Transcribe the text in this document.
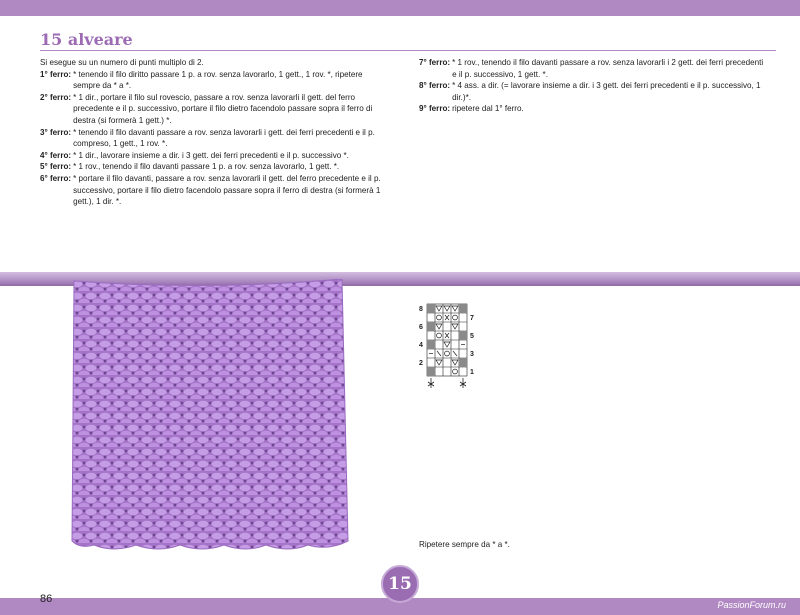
15 alveare
Si esegue su un numero di punti multiplo di 2.
1° ferro: * tenendo il filo diritto passare 1 p. a rov. senza lavorarlo, 1 gett., 1 rov. *, ripetere sempre da * a *.
2° ferro: * 1 dir., portare il filo sul rovescio, passare a rov. senza lavorarli il gett. del ferro precedente e il p. successivo, portare il filo dietro facendolo passare sopra il ferro di destra (si formerà 1 gett.) *.
3° ferro: * tenendo il filo davanti passare a rov. senza lavorarli i gett. dei ferri precedenti e il p. compreso, 1 gett., 1 rov. *.
4° ferro: * 1 dir., lavorare insieme a dir. i 3 gett. dei ferri precedenti e il p. successivo *.
5° ferro: * 1 rov., tenendo il filo davanti passare 1 p. a rov. senza lavorarlo, 1 gett. *.
6° ferro: * portare il filo davanti, passare a rov. senza lavorarli il gett. del ferro precedente e il p. successivo, portare il filo dietro facendolo passare sopra il ferro di destra (si formerà 1 gett.), 1 dir. *.
7° ferro: * 1 rov., tenendo il filo davanti passare a rov. senza lavorarli i 2 gett. dei ferri precedenti e il p. successivo, 1 gett. *.
8° ferro: * 4 ass. a dir. (= lavorare insieme a dir. i 3 gett. dei ferri precedenti e il p. successivo, 1 dir.)*.
9° ferro: ripetere dal 1° ferro.
8
6
4
2
7
5
3
1
Ripetere sempre da * a *.
86
15
PassionForum.ru
